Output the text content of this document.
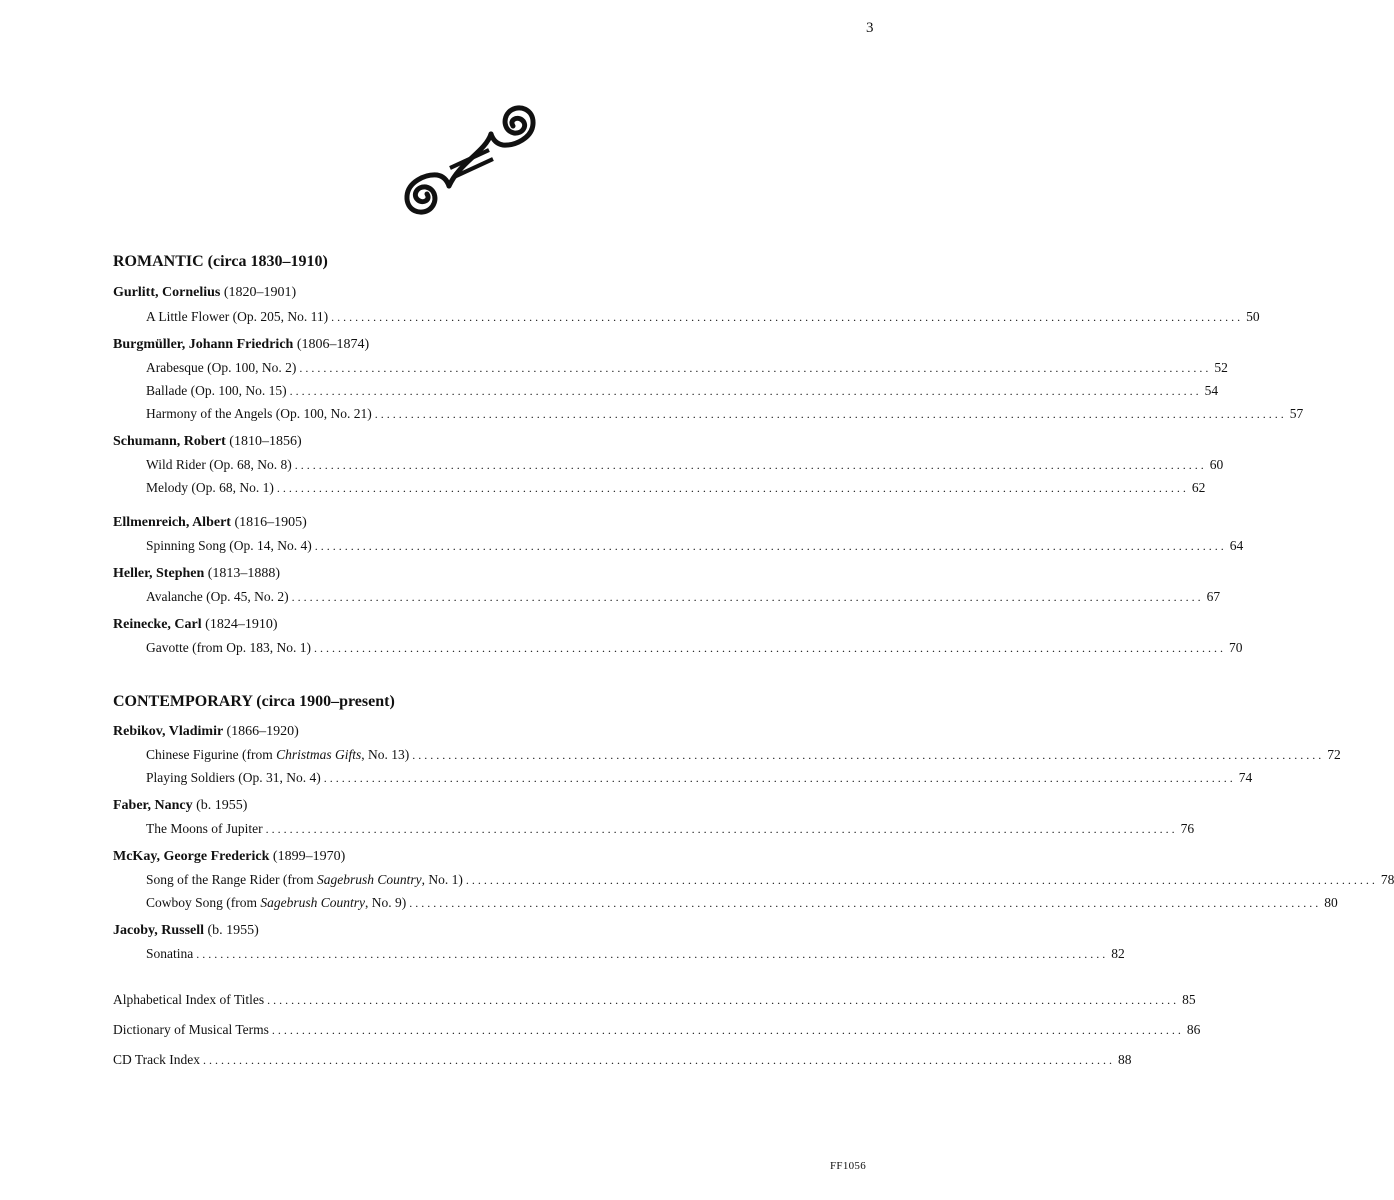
3
ROMANTIC (circa 1830–1910)
Gurlitt, Cornelius (1820–1901)
A Little Flower (Op. 205, No. 11) ........................................................................................................................................................ 50
Burgmüller, Johann Friedrich (1806–1874)
Arabesque (Op. 100, No. 2) ........................................................................................................................................................ 52
Ballade (Op. 100, No. 15) ........................................................................................................................................................ 54
Harmony of the Angels (Op. 100, No. 21) ........................................................................................................................................................ 57
Schumann, Robert (1810–1856)
Wild Rider (Op. 68, No. 8) ........................................................................................................................................................ 60
Melody (Op. 68, No. 1) ........................................................................................................................................................ 62
Ellmenreich, Albert (1816–1905)
Spinning Song (Op. 14, No. 4) ........................................................................................................................................................ 64
Heller, Stephen (1813–1888)
Avalanche (Op. 45, No. 2) ........................................................................................................................................................ 67
Reinecke, Carl (1824–1910)
Gavotte (from Op. 183, No. 1) ........................................................................................................................................................ 70
CONTEMPORARY (circa 1900–present)
Rebikov, Vladimir (1866–1920)
Chinese Figurine (from Christmas Gifts, No. 13) ........................................................................................................................................................ 72
Playing Soldiers (Op. 31, No. 4) ........................................................................................................................................................ 74
Faber, Nancy (b. 1955)
The Moons of Jupiter ........................................................................................................................................................ 76
McKay, George Frederick (1899–1970)
Song of the Range Rider (from Sagebrush Country, No. 1) ........................................................................................................................................................ 78
Cowboy Song (from Sagebrush Country, No. 9) ........................................................................................................................................................ 80
Jacoby, Russell (b. 1955)
Sonatina ........................................................................................................................................................ 82
Alphabetical Index of Titles ........................................................................................................................................................ 85
Dictionary of Musical Terms ........................................................................................................................................................ 86
CD Track Index ........................................................................................................................................................ 88
FF1056
